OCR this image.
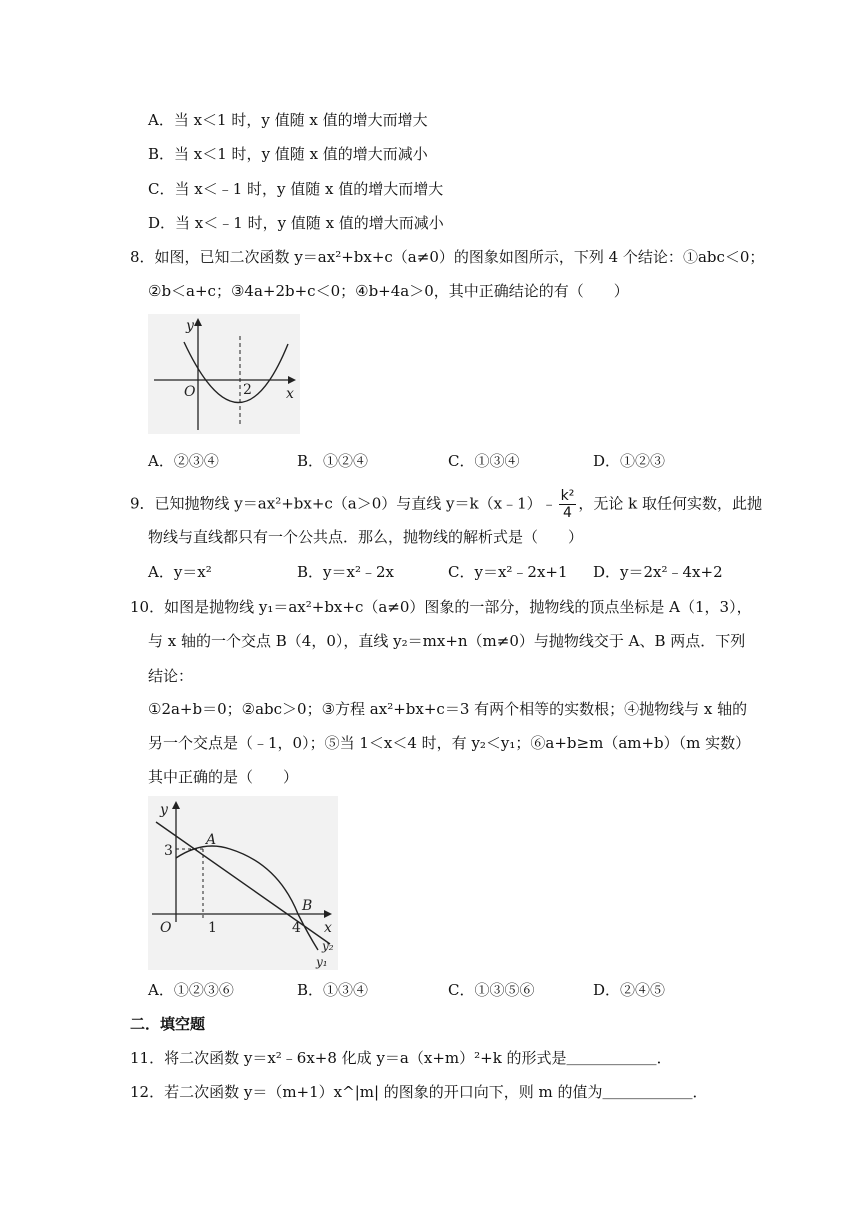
A．当 x＜1 时，y 值随 x 值的增大而增大
B．当 x＜1 时，y 值随 x 值的增大而减小
C．当 x＜﹣1 时，y 值随 x 值的增大而增大
D．当 x＜﹣1 时，y 值随 x 值的增大而减小
8．如图，已知二次函数 y＝ax²+bx+c（a≠0）的图象如图所示，下列 4 个结论：①abc＜0；
②b＜a+c；③4a+2b+c＜0；④b+4a＞0，其中正确结论的有（　　）
y
x
O	2
A．②③④	B．①②④	C．①③④	D．①②③
9．已知抛物线 y＝ax²+bx+c（a＞0）与直线 y＝k（x﹣1）﹣ $\frac{\text{k²}}{4}$ ，无论 k 取任何实数，此抛
物线与直线都只有一个公共点．那么，抛物线的解析式是（　　）
A．y＝x²	B．y＝x²﹣2x	C．y＝x²﹣2x+1 D．y＝2x²﹣4x+2
10．如图是抛物线 y₁＝ax²+bx+c（a≠0）图象的一部分，抛物线的顶点坐标是 A（1，3），
与 x 轴的一个交点 B（4，0），直线 y₂＝mx+n（m≠0）与抛物线交于 A、B 两点．下列
结论：
①2a+b＝0；②abc＞0；③方程 ax²+bx+c＝3 有两个相等的实数根；④抛物线与 x 轴的
另一个交点是（﹣1，0）；⑤当 1＜x＜4 时，有 y₂＜y₁；⑥a+b≥m（am+b）（m 实数）
其中正确的是（　　）
y
x
O
3
1	4
A
B
y₂
y₁
A．①②③⑥	B．①③④	C．①③⑤⑥	D．②④⑤
二．填空题
11．将二次函数 y＝x²﹣6x+8 化成 y＝a（x+m）²+k 的形式是＿＿＿＿＿＿．
12．若二次函数 y＝（m+1）x^|m| 的图象的开口向下，则 m 的值为＿＿＿＿＿＿．
